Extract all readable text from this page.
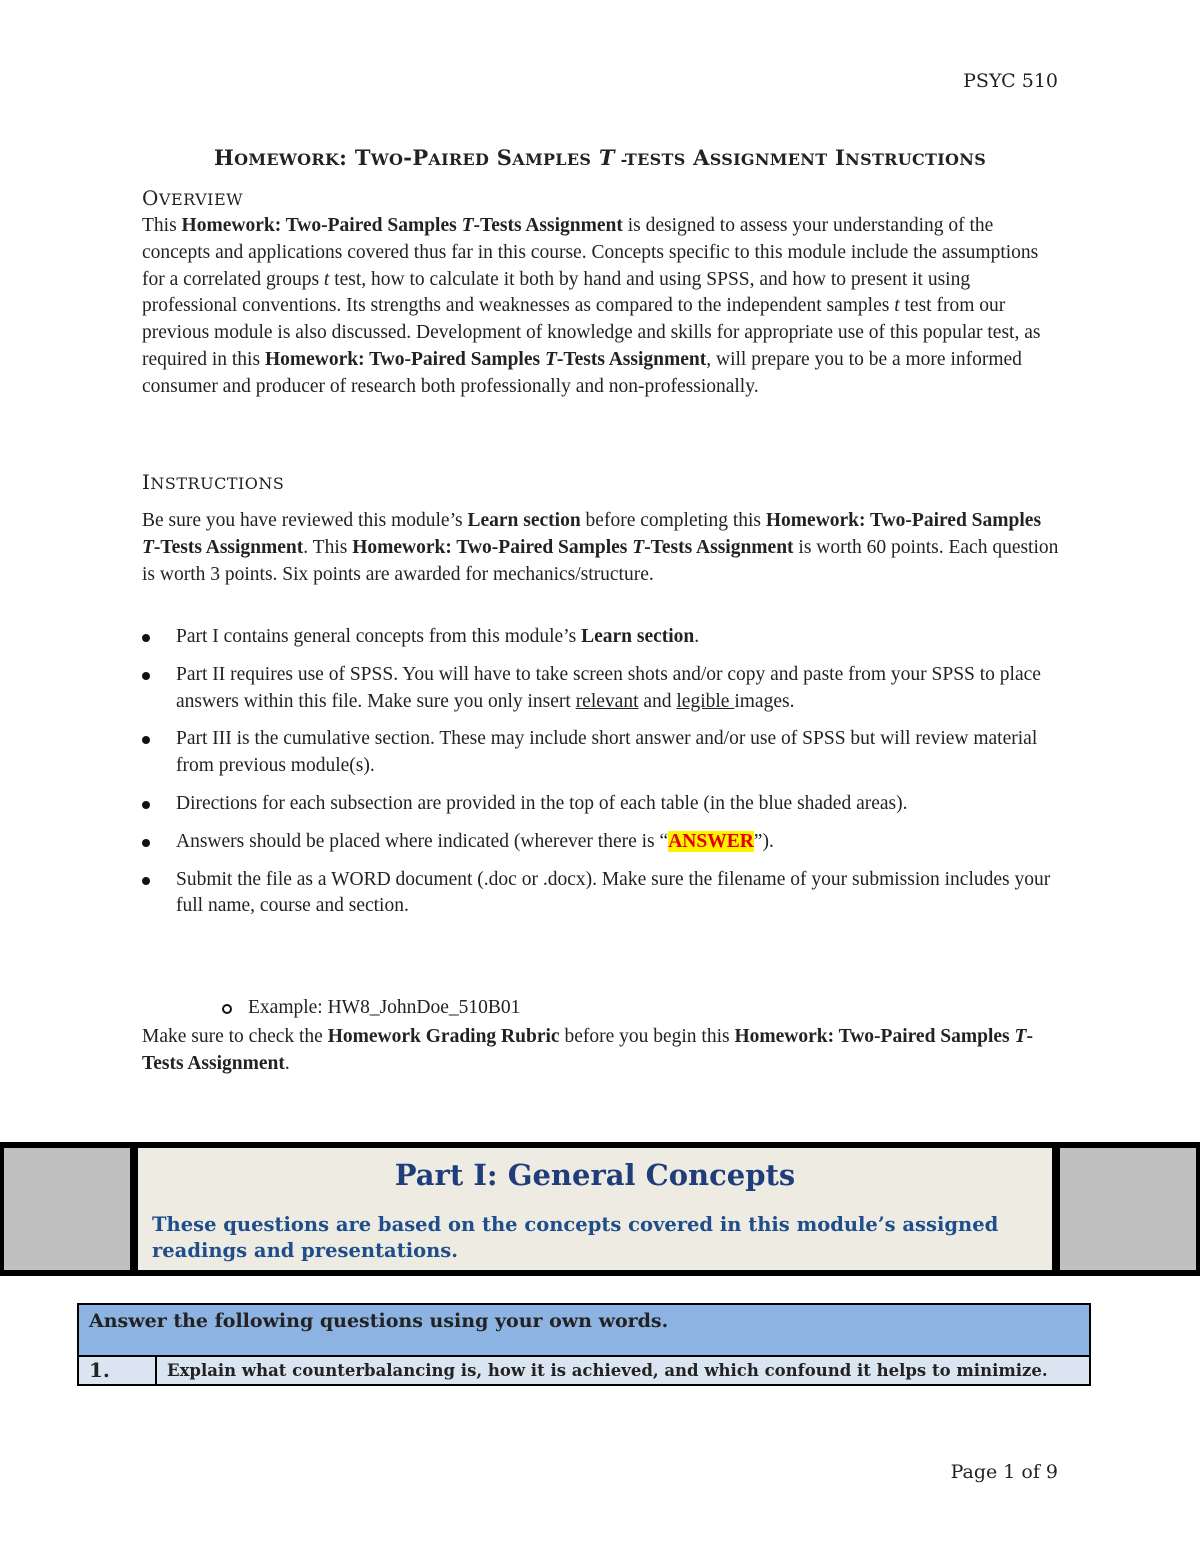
PSYC 510
HOMEWORK: TWO-PAIRED SAMPLES T -TESTS ASSIGNMENT INSTRUCTIONS
OVERVIEW
This Homework: Two-Paired Samples T-Tests Assignment is designed to assess your understanding of the concepts and applications covered thus far in this course. Concepts specific to this module include the assumptions for a correlated groups t test, how to calculate it both by hand and using SPSS, and how to present it using professional conventions. Its strengths and weaknesses as compared to the independent samples t test from our previous module is also discussed. Development of knowledge and skills for appropriate use of this popular test, as required in this Homework: Two-Paired Samples T-Tests Assignment, will prepare you to be a more informed consumer and producer of research both professionally and non-professionally.
INSTRUCTIONS
Be sure you have reviewed this module’s Learn section before completing this Homework: Two-Paired Samples T-Tests Assignment. This Homework: Two-Paired Samples T-Tests Assignment is worth 60 points. Each question is worth 3 points. Six points are awarded for mechanics/structure.
Part I contains general concepts from this module’s Learn section.
Part II requires use of SPSS. You will have to take screen shots and/or copy and paste from your SPSS to place answers within this file. Make sure you only insert relevant and legible images.
Part III is the cumulative section. These may include short answer and/or use of SPSS but will review material from previous module(s).
Directions for each subsection are provided in the top of each table (in the blue shaded areas).
Answers should be placed where indicated (wherever there is “ANSWER”).
Submit the file as a WORD document (.doc or .docx). Make sure the filename of your submission includes your full name, course and section.
Example: HW8_JohnDoe_510B01
Make sure to check the Homework Grading Rubric before you begin this Homework: Two-Paired Samples T-Tests Assignment.
Part I: General Concepts
These questions are based on the concepts covered in this module’s assigned readings and presentations.
Answer the following questions using your own words.
1.	Explain what counterbalancing is, how it is achieved, and which confound it helps to minimize.
Page 1 of 9
